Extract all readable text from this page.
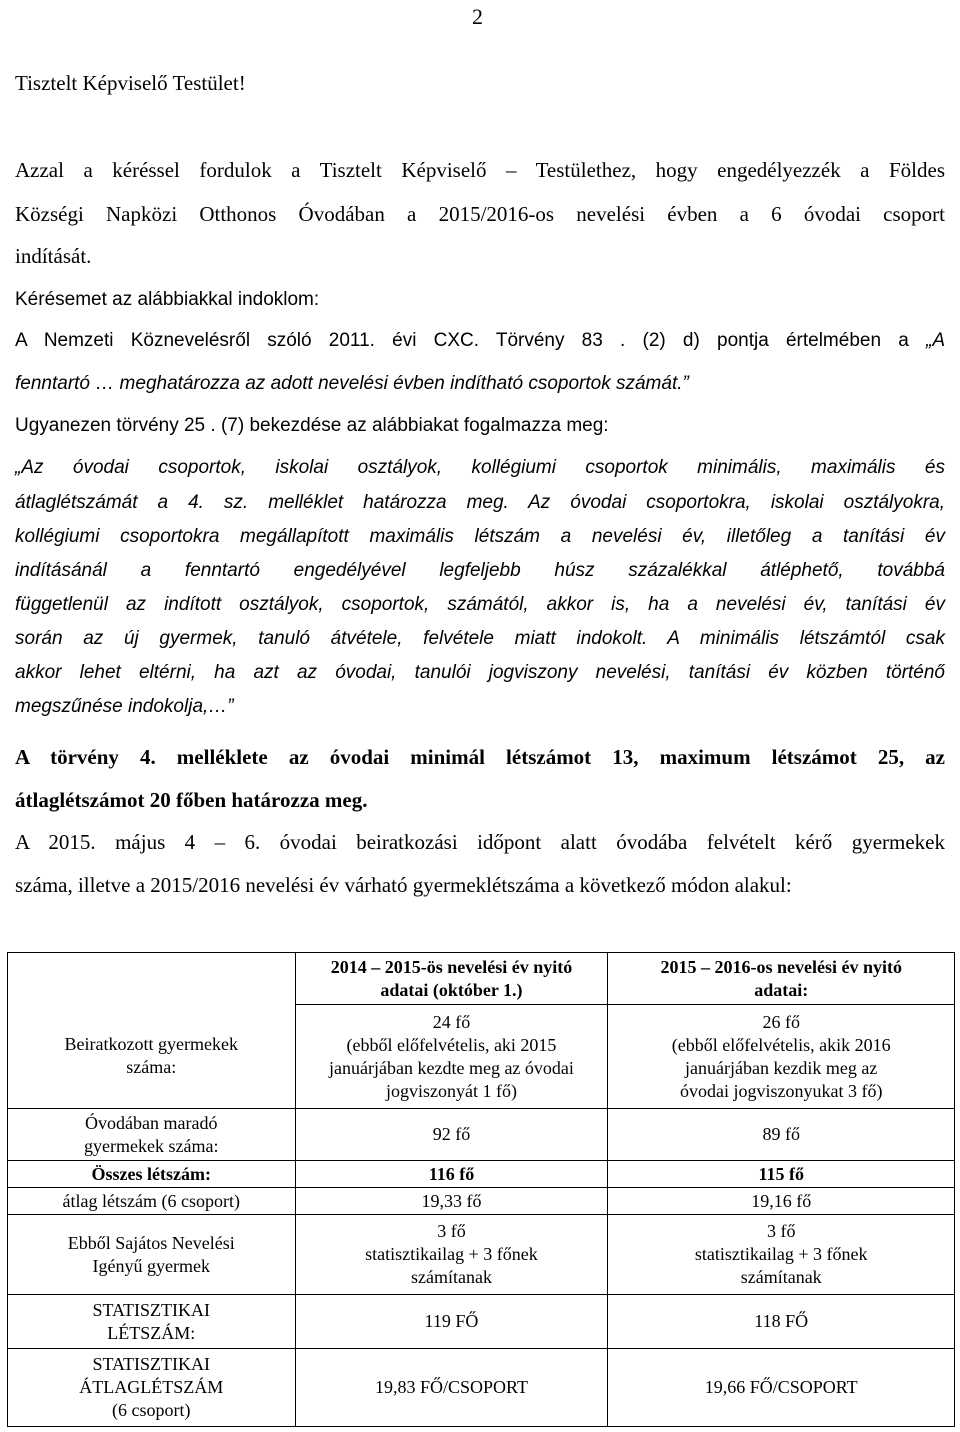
2
Tisztelt Képviselő Testület!
Azzal a kéréssel fordulok a Tisztelt Képviselő – Testülethez, hogy engedélyezzék a Földes
Községi Napközi Otthonos Óvodában a 2015/2016-os nevelési évben a 6 óvodai csoport
indítását.
Kérésemet az alábbiakkal indoklom:
A Nemzeti Köznevelésről szóló 2011. évi CXC. Törvény 83 . (2) d) pontja értelmében a „A
fenntartó … meghatározza az adott nevelési évben indítható csoportok számát.”
Ugyanezen törvény 25 . (7) bekezdése az alábbiakat fogalmazza meg:
„Az óvodai csoportok, iskolai osztályok, kollégiumi csoportok minimális, maximális és
átlaglétszámát a 4. sz. melléklet határozza meg. Az óvodai csoportokra, iskolai osztályokra,
kollégiumi csoportokra megállapított maximális létszám a nevelési év, illetőleg a tanítási év
indításánál a fenntartó engedélyével legfeljebb húsz százalékkal átléphető, továbbá
függetlenül az indított osztályok, csoportok, számától, akkor is, ha a nevelési év, tanítási év
során az új gyermek, tanuló átvétele, felvétele miatt indokolt. A minimális létszámtól csak
akkor lehet eltérni, ha azt az óvodai, tanulói jogviszony nevelési, tanítási év közben történő
megszűnése indokolja,…”
A törvény 4. melléklete az óvodai minimál létszámot 13, maximum létszámot 25, az
átlaglétszámot 20 főben határozza meg.
A 2015. május 4 – 6. óvodai beiratkozási időpont alatt óvodába felvételt kérő gyermekek
száma, illetve a 2015/2016 nevelési év várható gyermeklétszáma a következő módon alakul:

	2014 – 2015-ös nevelési év nyitó
adatai (október 1.)	2015 – 2016-os nevelési év nyitó
adatai:

Beiratkozott gyermekek
száma:	24 fő
(ebből előfelvételis, aki 2015
januárjában kezdte meg az óvodai
jogviszonyát 1 fő)	26 fő
(ebből előfelvételis, akik 2016
januárjában kezdik meg az
óvodai jogviszonyukat 3 fő)

Óvodában maradó
gyermekek száma:	92 fő	89 fő
Összes létszám:	116 fő	115 fő
átlag létszám (6 csoport)	19,33 fő	19,16 fő

Ebből Sajátos Nevelési
Igényű gyermek	3 fő
statisztikailag + 3 főnek
számítanak	3 fő
statisztikailag + 3 főnek
számítanak

STATISZTIKAI
LÉTSZÁM:	119 FŐ	118 FŐ

STATISZTIKAI
ÁTLAGLÉTSZÁM
(6 csoport)	19,83 FŐ/CSOPORT	19,66 FŐ/CSOPORT
